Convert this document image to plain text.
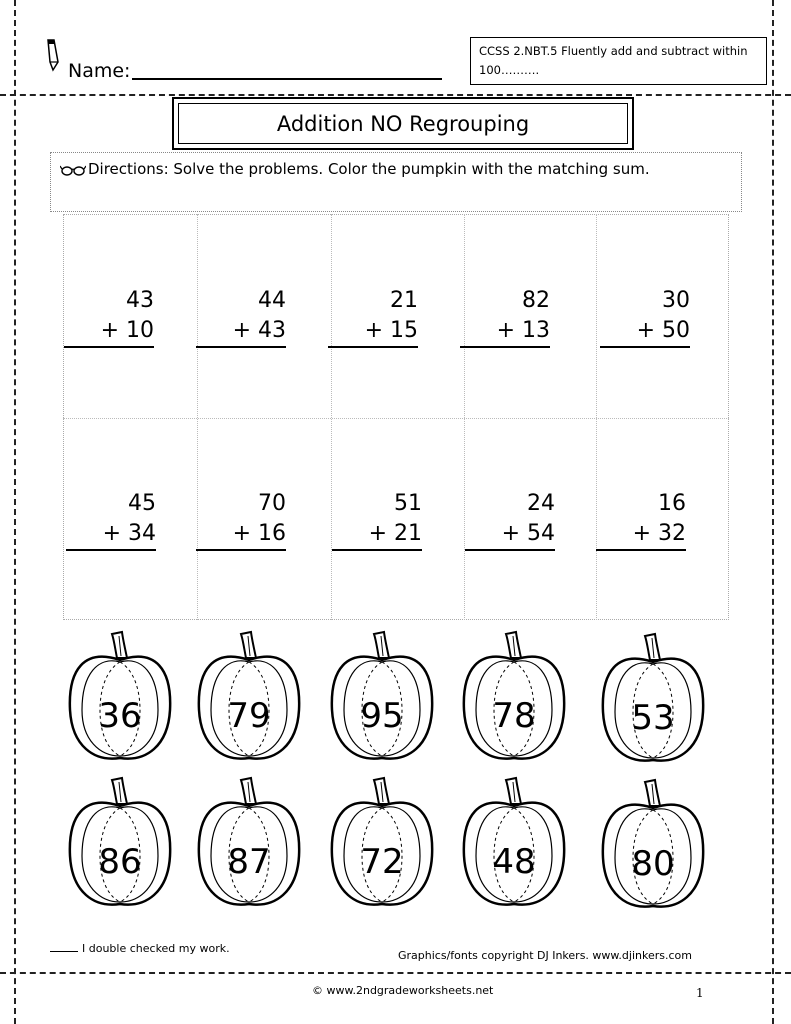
Name:
CCSS 2.NBT.5 Fluently add and subtract within 100……….
Addition NO Regrouping
Directions: Solve the problems. Color the pumpkin with the matching sum.
43
+ 10
44
+ 43
21
+ 15
82
+ 13
30
+ 50
45
+ 34
70
+ 16
51
+ 21
24
+ 54
16
+ 32
36	79	95	78	53
86	87	72	48	80
I double checked my work.
Graphics/fonts copyright DJ Inkers. www.djinkers.com
© www.2ndgradeworksheets.net	1
